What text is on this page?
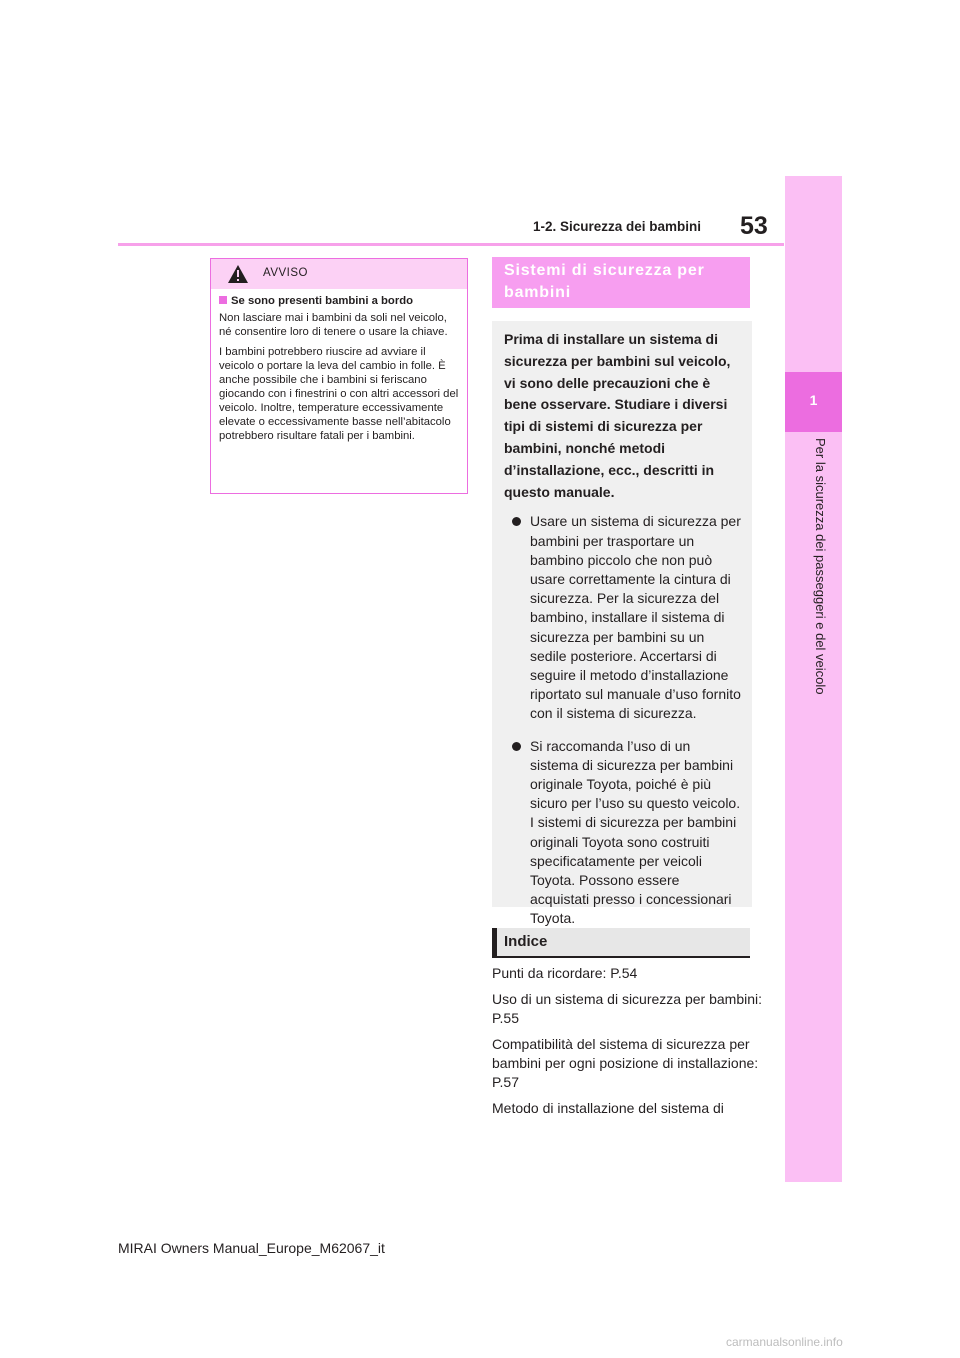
53
1-2. Sicurezza dei bambini
1
Per la sicurezza dei passeggeri e del veicolo
AVVISO
Se sono presenti bambini a bordo

Non lasciare mai i bambini da soli nel veicolo, né consentire loro di tenere o usare la chiave.

I bambini potrebbero riuscire ad avviare il veicolo o portare la leva del cambio in folle. È anche possibile che i bambini si feriscano giocando con i finestrini o con altri accessori del veicolo. Inoltre, temperature eccessivamente elevate o eccessivamente basse nell’abitacolo potrebbero risultare fatali per i bambini.

Sistemi di sicurezza per bambini

Prima di installare un sistema di sicurezza per bambini sul veicolo, vi sono delle precauzioni che è bene osservare. Studiare i diversi tipi di sistemi di sicurezza per bambini, nonché metodi d’installazione, ecc., descritti in questo manuale.

Usare un sistema di sicurezza per bambini per trasportare un bambino piccolo che non può usare correttamente la cintura di sicurezza. Per la sicurezza del bambino, installare il sistema di sicurezza per bambini su un sedile posteriore. Accertarsi di seguire il metodo d’installazione riportato sul manuale d’uso fornito con il sistema di sicurezza.
Si raccomanda l’uso di un sistema di sicurezza per bambini originale Toyota, poiché è più sicuro per l’uso su questo veicolo. I sistemi di sicurezza per bambini originali Toyota sono costruiti specificatamente per veicoli Toyota. Possono essere acquistati presso i concessionari Toyota.
Indice

Punti da ricordare: P.54

Uso di un sistema di sicurezza per bambini: P.55

Compatibilità del sistema di sicurezza per bambini per ogni posizione di installazione: P.57

Metodo di installazione del sistema di

MIRAI Owners Manual_Europe_M62067_it
carmanualsonline.info
